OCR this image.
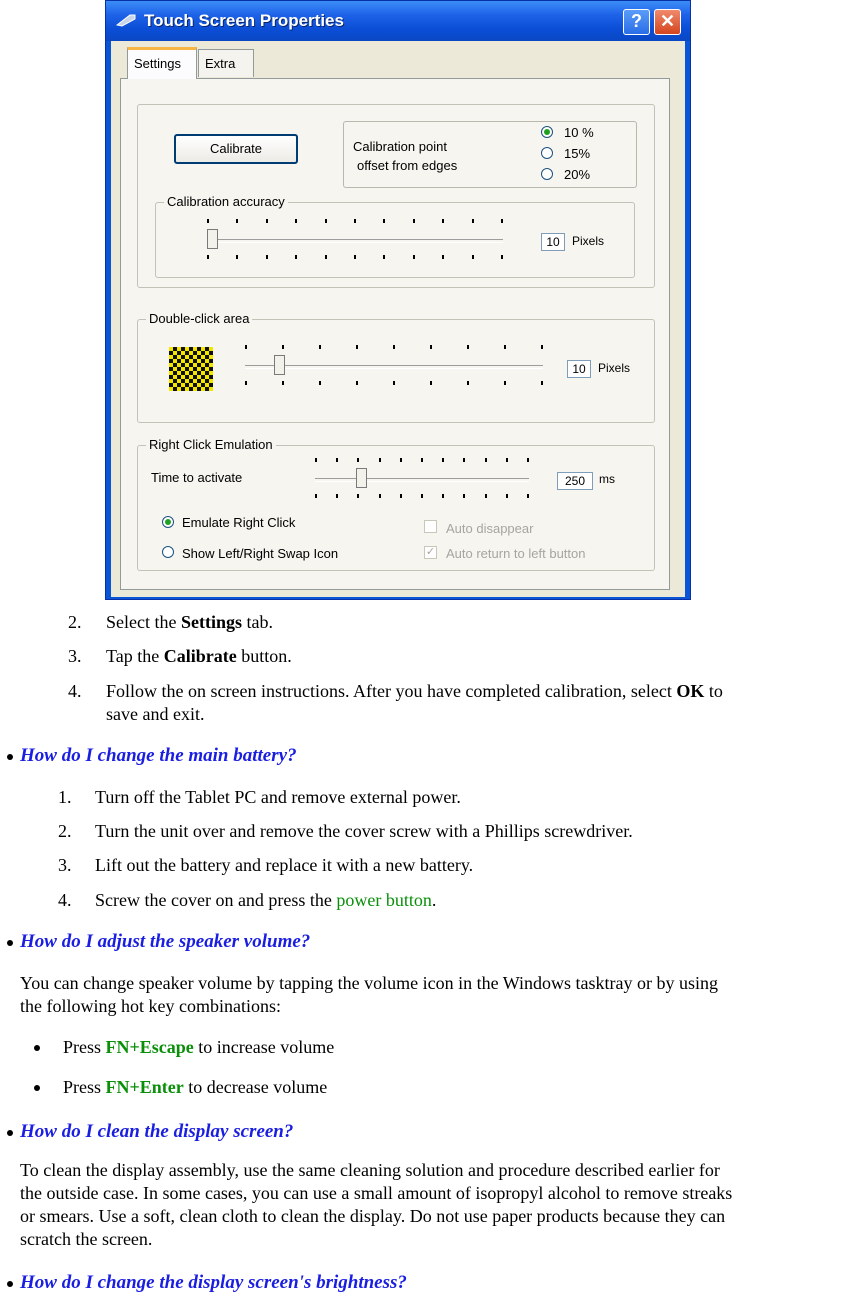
Touch Screen Properties	? ✕
Settings	Extra
Calibrate	Calibration point
offset from edges
10 %
15%
20%
Calibration accuracy
10	Pixels
Double-click area
10	Pixels
Right Click Emulation
Time to activate	250	ms
Emulate Right Click
Show Left/Right Swap Icon
Auto disappear
✓ Auto return to left button
2. Select the Settings tab.
3. Tap the Calibrate button.
4. Follow the on screen instructions. After you have completed calibration, select OK to
save and exit.
How do I change the main battery?
1. Turn off the Tablet PC and remove external power.
2. Turn the unit over and remove the cover screw with a Phillips screwdriver.
3. Lift out the battery and replace it with a new battery.
4. Screw the cover on and press the power button.
How do I adjust the speaker volume?
You can change speaker volume by tapping the volume icon in the Windows tasktray or by using
the following hot key combinations:
Press FN+Escape to increase volume
Press FN+Enter to decrease volume
How do I clean the display screen?
To clean the display assembly, use the same cleaning solution and procedure described earlier for
the outside case. In some cases, you can use a small amount of isopropyl alcohol to remove streaks
or smears. Use a soft, clean cloth to clean the display. Do not use paper products because they can
scratch the screen.
How do I change the display screen's brightness?
